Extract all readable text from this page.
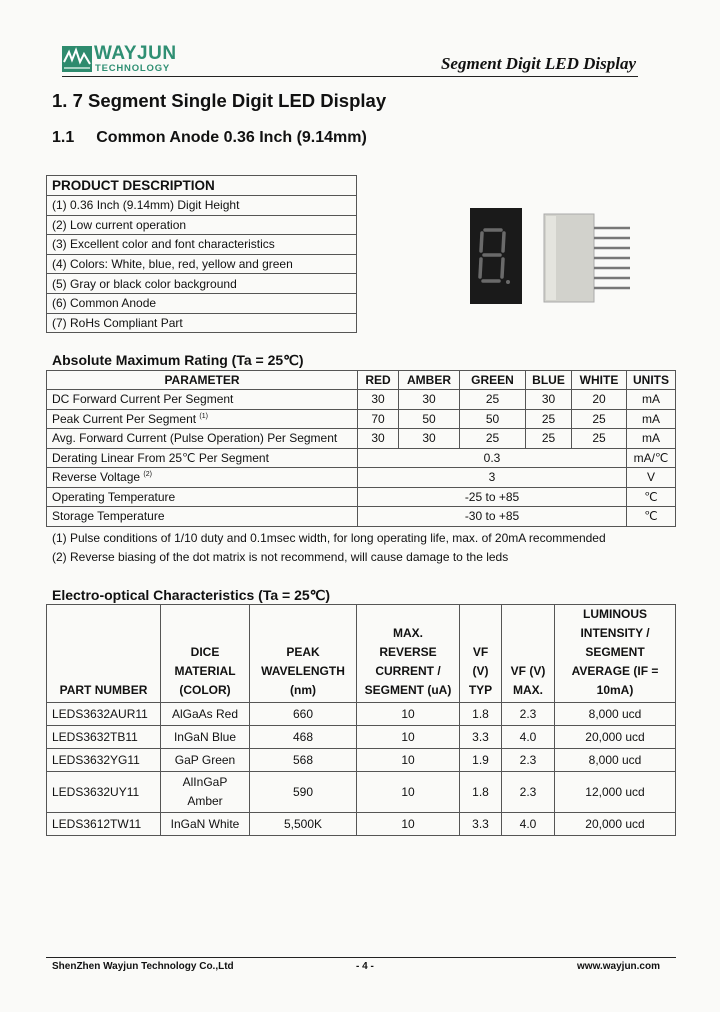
WAYJUN
TECHNOLOGY	Segment Digit LED Display
1. 7 Segment Single Digit LED Display
1.1 Common Anode 0.36 Inch (9.14mm)
PRODUCT DESCRIPTION
(1) 0.36 Inch (9.14mm) Digit Height
(2) Low current operation
(3) Excellent color and font characteristics
(4) Colors: White, blue, red, yellow and green
(5) Gray or black color background
(6) Common Anode
(7) RoHs Compliant Part
Absolute Maximum Rating (Ta = 25℃)
PARAMETER	RED	AMBER	GREEN	BLUE	WHITE	UNITS
DC Forward Current Per Segment	30	30	25	30	20	mA
Peak Current Per Segment $^{(1)}$	70	50	50	25	25	mA
Avg. Forward Current (Pulse Operation) Per Segment	30	30	25	25	25	mA
Derating Linear From 25℃ Per Segment	0.3					mA/℃
Reverse Voltage $^{(2)}$	3					V
Operating Temperature	-25 to +85					℃
Storage Temperature	-30 to +85					℃
(1) Pulse conditions of 1/10 duty and 0.1msec width, for long operating life, max. of 20mA recommended
(2) Reverse biasing of the dot matrix is not recommend, will cause damage to the leds
Electro-optical Characteristics (Ta = 25℃)
PART NUMBER	DICE
MATERIAL
(COLOR)	PEAK
WAVELENGTH
(nm)	MAX.
REVERSE
CURRENT /
SEGMENT (uA)	VF
(V)
TYP	VF (V)
MAX.	LUMINOUS
INTENSITY /
SEGMENT
AVERAGE (IF =
10mA)
LEDS3632AUR11	AlGaAs Red	660	10	1.8	2.3	8,000 ucd
LEDS3632TB11	InGaN Blue	468	10	3.3	4.0	20,000 ucd
LEDS3632YG11	GaP Green	568	10	1.9	2.3	8,000 ucd
LEDS3632UY11	AlInGaP
Amber	590	10	1.8	2.3	12,000 ucd
LEDS3612TW11	InGaN White	5,500K	10	3.3	4.0	20,000 ucd
ShenZhen Wayjun Technology Co.,Ltd	- 4 -	www.wayjun.com
